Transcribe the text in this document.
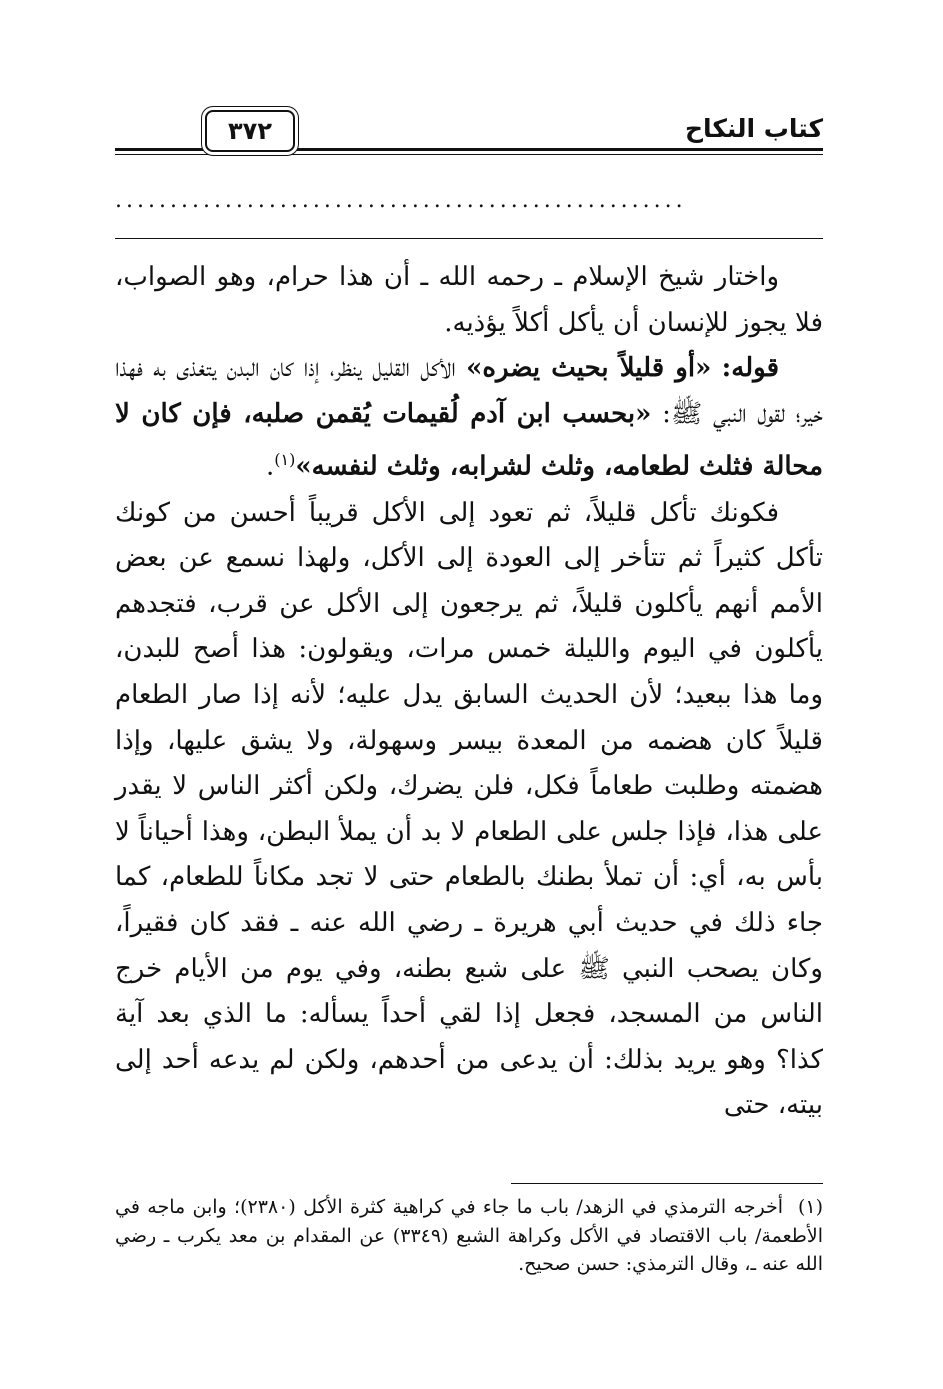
كتاب النكاح
٣٧٢
....................................................

واختار شيخ الإسلام ـ رحمه الله ـ أن هذا حرام، وهو الصواب، فلا يجوز للإنسان أن يأكل أكلاً يؤذيه.

قوله: «أو قليلاً بحيث يضره» الأكل القليل ينظر، إذا كان البدن يتغذى به فهذا خير؛ لقول النبي ﷺ: «بحسب ابن آدم لُقيمات يُقمن صلبه، فإن كان لا محالة فثلث لطعامه، وثلث لشرابه، وثلث لنفسه»$^{(١)}$.

فكونك تأكل قليلاً، ثم تعود إلى الأكل قريباً أحسن من كونك تأكل كثيراً ثم تتأخر إلى العودة إلى الأكل، ولهذا نسمع عن بعض الأمم أنهم يأكلون قليلاً، ثم يرجعون إلى الأكل عن قرب، فتجدهم يأكلون في اليوم والليلة خمس مرات، ويقولون: هذا أصح للبدن، وما هذا ببعيد؛ لأن الحديث السابق يدل عليه؛ لأنه إذا صار الطعام قليلاً كان هضمه من المعدة بيسر وسهولة، ولا يشق عليها، وإذا هضمته وطلبت طعاماً فكل، فلن يضرك، ولكن أكثر الناس لا يقدر على هذا، فإذا جلس على الطعام لا بد أن يملأ البطن، وهذا أحياناً لا بأس به، أي: أن تملأ بطنك بالطعام حتى لا تجد مكاناً للطعام، كما جاء ذلك في حديث أبي هريرة ـ رضي الله عنه ـ فقد كان فقيراً، وكان يصحب النبي ﷺ على شبع بطنه، وفي يوم من الأيام خرج الناس من المسجد، فجعل إذا لقي أحداً يسأله: ما الذي بعد آية كذا؟ وهو يريد بذلك: أن يدعى من أحدهم، ولكن لم يدعه أحد إلى بيته، حتى

(١)أخرجه الترمذي في الزهد/ باب ما جاء في كراهية كثرة الأكل (٢٣٨٠)؛ وابن ماجه في الأطعمة/ باب الاقتصاد في الأكل وكراهة الشبع (٣٣٤٩) عن المقدام بن معد يكرب ـ رضي الله عنه ـ، وقال الترمذي: حسن صحيح.
